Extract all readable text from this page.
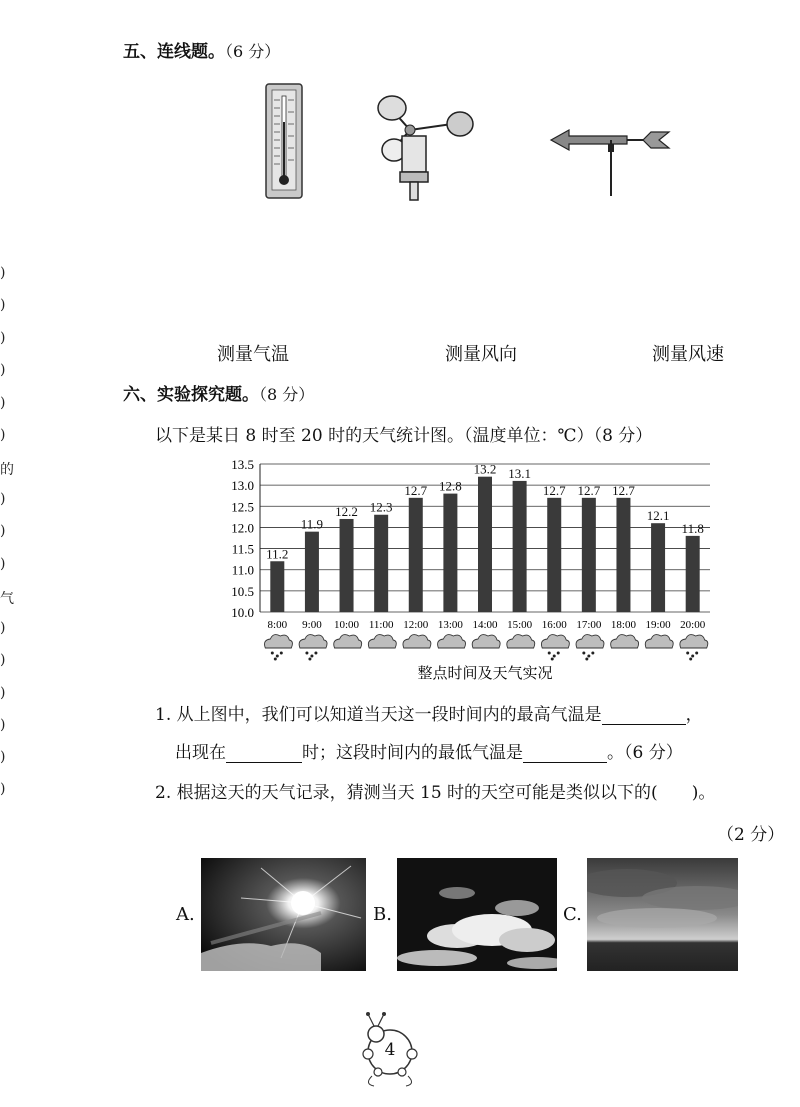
)
)
)
)
)
)
的
)
)
)
气
)
)
)
)
)
)
五、连线题。（6 分）
测量气温	测量风向	测量风速
六、实验探究题。（8 分）
以下是某日 8 时至 20 时的天气统计图。（温度单位：℃）（8 分）
13.5
13.0
12.5
12.0
11.5
11.0
10.5
10.0
11.2
8:00
11.9
9:00
12.2
10:00
12.3
11:00
12.7
12:00
12.8
13:00
13.2
14:00
13.1
15:00
12.7
16:00
12.7
17:00
12.7
18:00
12.1
19:00
11.8
20:00
整点时间及天气实况
1. 从上图中，我们可以知道当天这一段时间内的最高气温是	，
出现在	时；这段时间内的最低气温是	。（6 分）
2. 根据这天的天气记录，猜测当天 15 时的天空可能是类似以下的(　　)。
（2 分）
A.	B.	C.
4
